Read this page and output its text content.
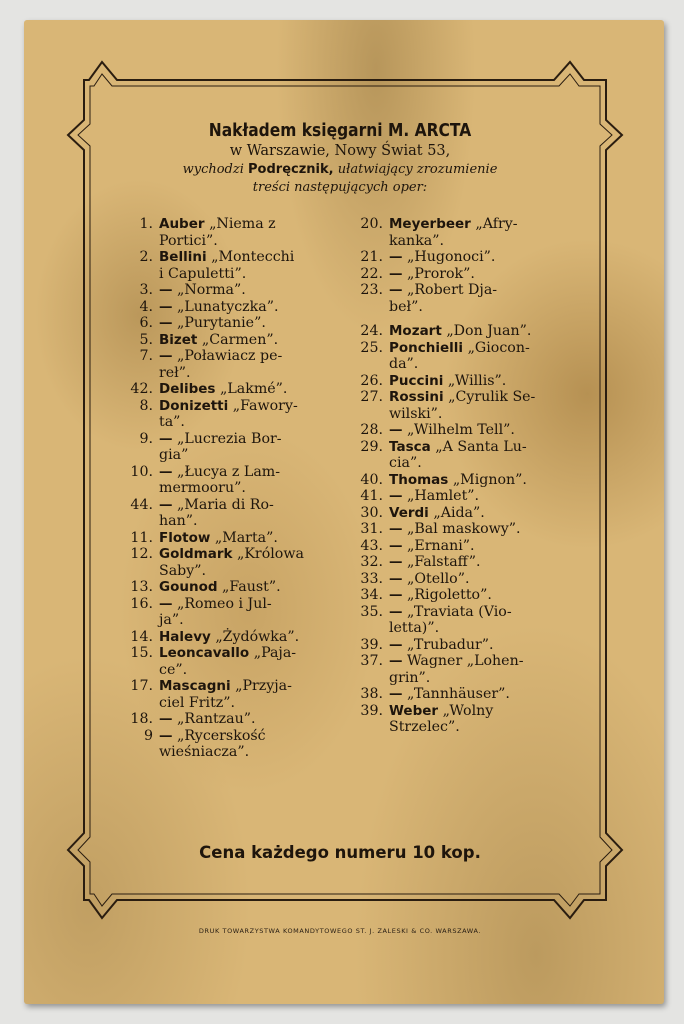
Nakładem księgarni M. ARCTA
w Warszawie, Nowy Świat 53,
wychodzi Podręcznik, ułatwiający zrozumienie
treści następujących oper:
1. Auber „Niema z
Portici”.
2. Bellini „Montecchi
i Capuletti”.
3. — „Norma”.
4. — „Lunatyczka”.
6. — „Purytanie”.
5. Bizet „Carmen”.
7. — „Poławiacz pe-
reł”.
42. Delibes „Lakmé”.
8. Donizetti „Fawory-
ta”.
9. — „Lucrezia Bor-
gia”
10. — „Łucya z Lam-
mermooru”.
44. — „Maria di Ro-
han”.
11. Flotow „Marta”.
12. Goldmark „Królowa
Saby”.
13. Gounod „Faust”.
16. — „Romeo i Jul-
ja”.
14. Halevy „Żydówka”.
15. Leoncavallo „Paja-
ce”.
17. Mascagni „Przyja-
ciel Fritz”.
18. — „Rantzau”.
9 — „Rycerskość
wieśniacza”.
20. Meyerbeer „Afry-
kanka”.
21. — „Hugonoci”.
22. — „Prorok”.
23. — „Robert Dja-
beł”.
24. Mozart „Don Juan”.
25. Ponchielli „Giocon-
da”.
26. Puccini „Willis”.
27. Rossini „Cyrulik Se-
wilski”.
28. — „Wilhelm Tell”.
29. Tasca „A Santa Lu-
cia”.
40. Thomas „Mignon”.
41. — „Hamlet”.
30. Verdi „Aida”.
31. — „Bal maskowy”.
43. — „Ernani”.
32. — „Falstaff”.
33. — „Otello”.
34. — „Rigoletto”.
35. — „Traviata (Vio-
letta)”.
39. — „Trubadur”.
37. — Wagner „Lohen-
grin”.
38. — „Tannhäuser”.
39. Weber „Wolny
Strzelec”.
Cena każdego numeru 10 kop.
DRUK TOWARZYSTWA KOMANDYTOWEGO ST. J. ZALESKI & CO. WARSZAWA.
